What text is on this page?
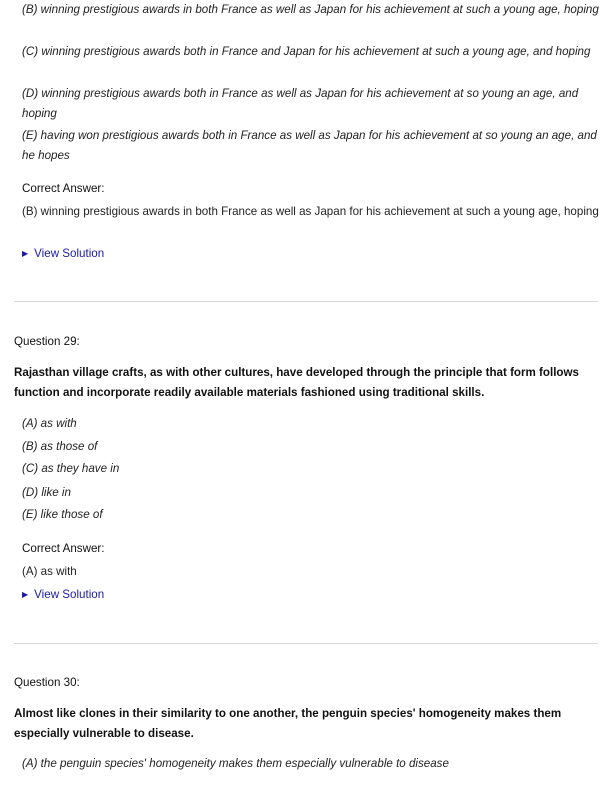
(B) winning prestigious awards in both France as well as Japan for his achievement at such a young age, hoping
(C) winning prestigious awards both in France and Japan for his achievement at such a young age, and hoping
(D) winning prestigious awards both in France as well as Japan for his achievement at so young an age, and hoping
(E) having won prestigious awards both in France as well as Japan for his achievement at so young an age, and he hopes
Correct Answer:
(B) winning prestigious awards in both France as well as Japan for his achievement at such a young age, hoping
▶ View Solution
Question 29:
Rajasthan village crafts, as with other cultures, have developed through the principle that form follows function and incorporate readily available materials fashioned using traditional skills.
(A) as with
(B) as those of
(C) as they have in
(D) like in
(E) like those of
Correct Answer:
(A) as with
▶ View Solution
Question 30:
Almost like clones in their similarity to one another, the penguin species' homogeneity makes them especially vulnerable to disease.
(A) the penguin species' homogeneity makes them especially vulnerable to disease
